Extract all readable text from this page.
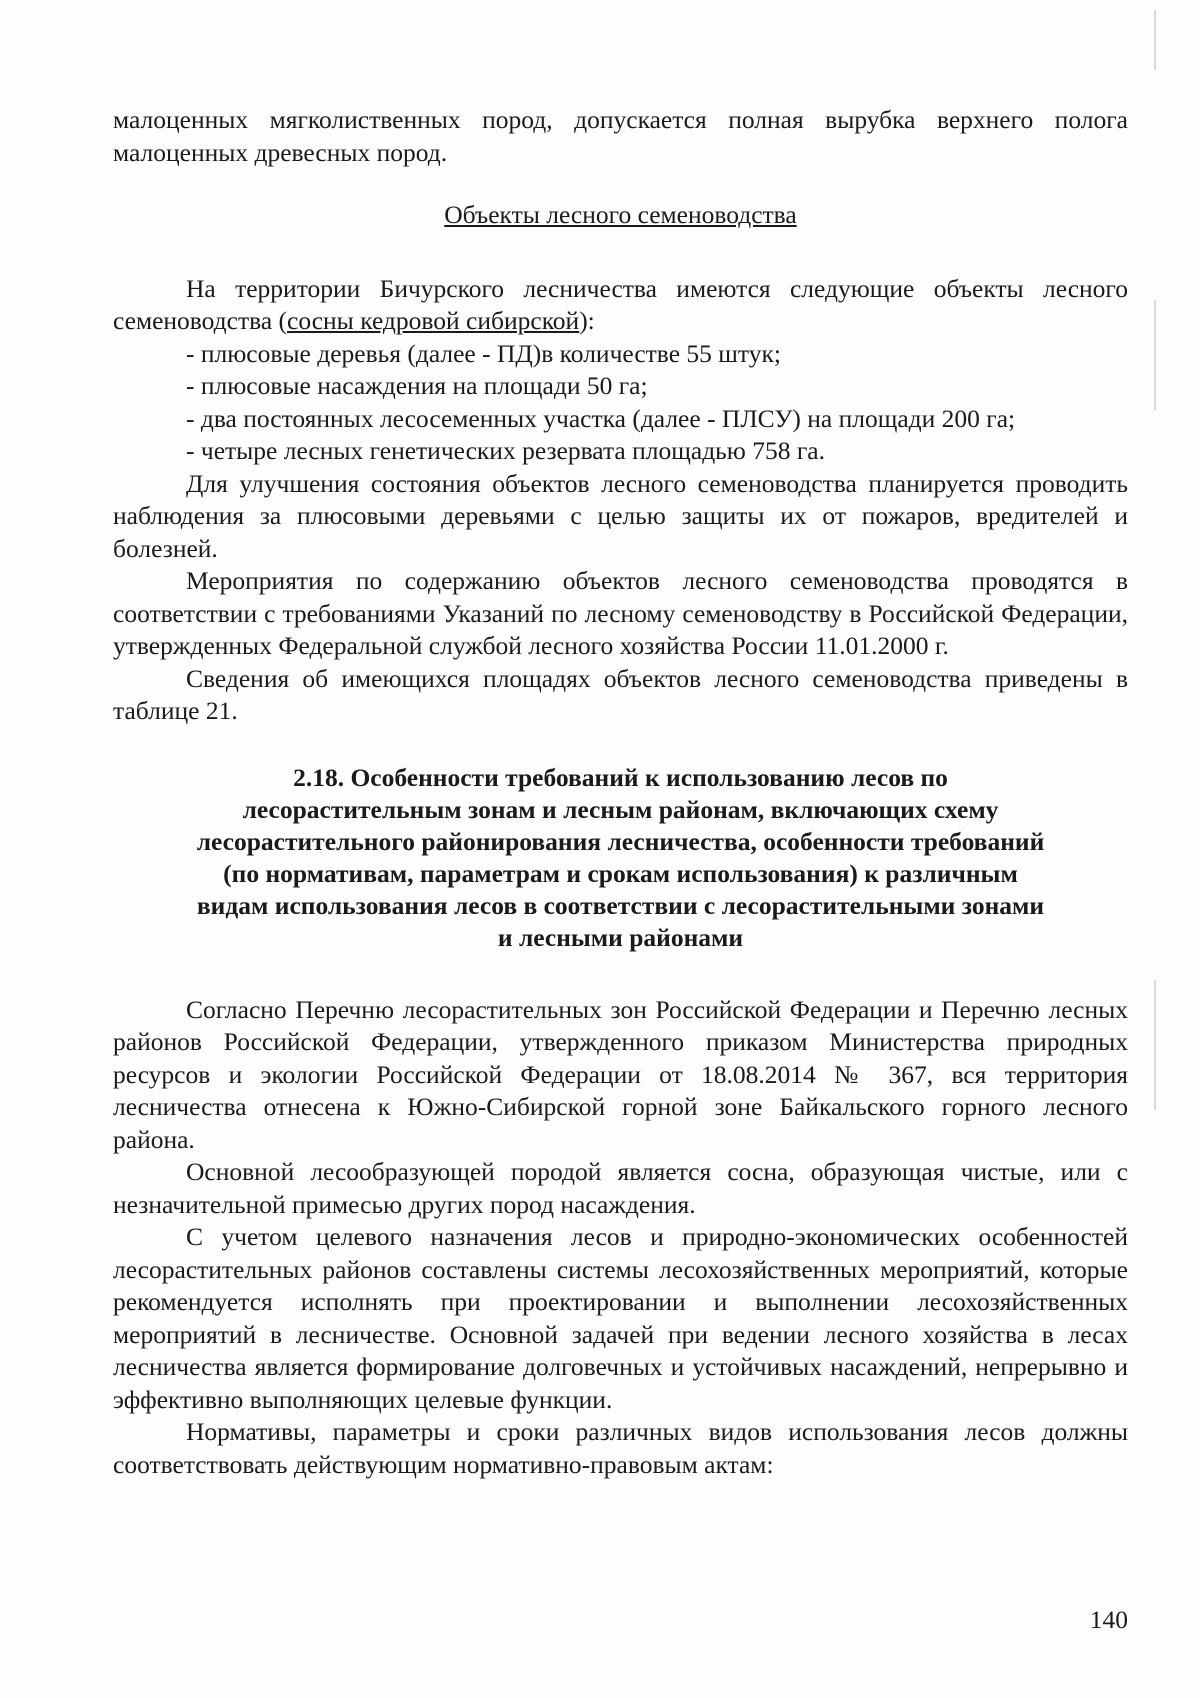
малоценных мягколиственных пород, допускается полная вырубка верхнего полога малоценных древесных пород.

Объекты лесного семеноводства

На территории Бичурского лесничества имеются следующие объекты лесного семеноводства (сосны кедровой сибирской):

- плюсовые деревья (далее - ПД)в количестве 55 штук;

- плюсовые насаждения на площади 50 га;

- два постоянных лесосеменных участка (далее - ПЛСУ) на площади 200 га;

- четыре лесных генетических резервата площадью 758 га.

Для улучшения состояния объектов лесного семеноводства планируется проводить наблюдения за плюсовыми деревьями с целью защиты их от пожаров, вредителей и болезней.

Мероприятия по содержанию объектов лесного семеноводства проводятся в соответствии с требованиями Указаний по лесному семеноводству в Российской Федерации, утвержденных Федеральной службой лесного хозяйства России 11.01.2000 г.

Сведения об имеющихся площадях объектов лесного семеноводства приведены в таблице 21.

2.18. Особенности требований к использованию лесов по
лесорастительным зонам и лесным районам, включающих схему
лесорастительного районирования лесничества, особенности требований
(по нормативам, параметрам и срокам использования) к различным
видам использования лесов в соответствии с лесорастительными зонами
и лесными районами

Согласно Перечню лесорастительных зон Российской Федерации и Перечню лесных районов Российской Федерации, утвержденного приказом Министерства природных ресурсов и экологии Российской Федерации от 18.08.2014 № 367, вся территория лесничества отнесена к Южно-Сибирской горной зоне Байкальского горного лесного района.

Основной лесообразующей породой является сосна, образующая чистые, или с незначительной примесью других пород насаждения.

С учетом целевого назначения лесов и природно-экономических особенностей лесорастительных районов составлены системы лесохозяйственных мероприятий, которые рекомендуется исполнять при проектировании и выполнении лесохозяйственных мероприятий в лесничестве. Основной задачей при ведении лесного хозяйства в лесах лесничества является формирование долговечных и устойчивых насаждений, непрерывно и эффективно выполняющих целевые функции.

Нормативы, параметры и сроки различных видов использования лесов должны соответствовать действующим нормативно-правовым актам:

140
